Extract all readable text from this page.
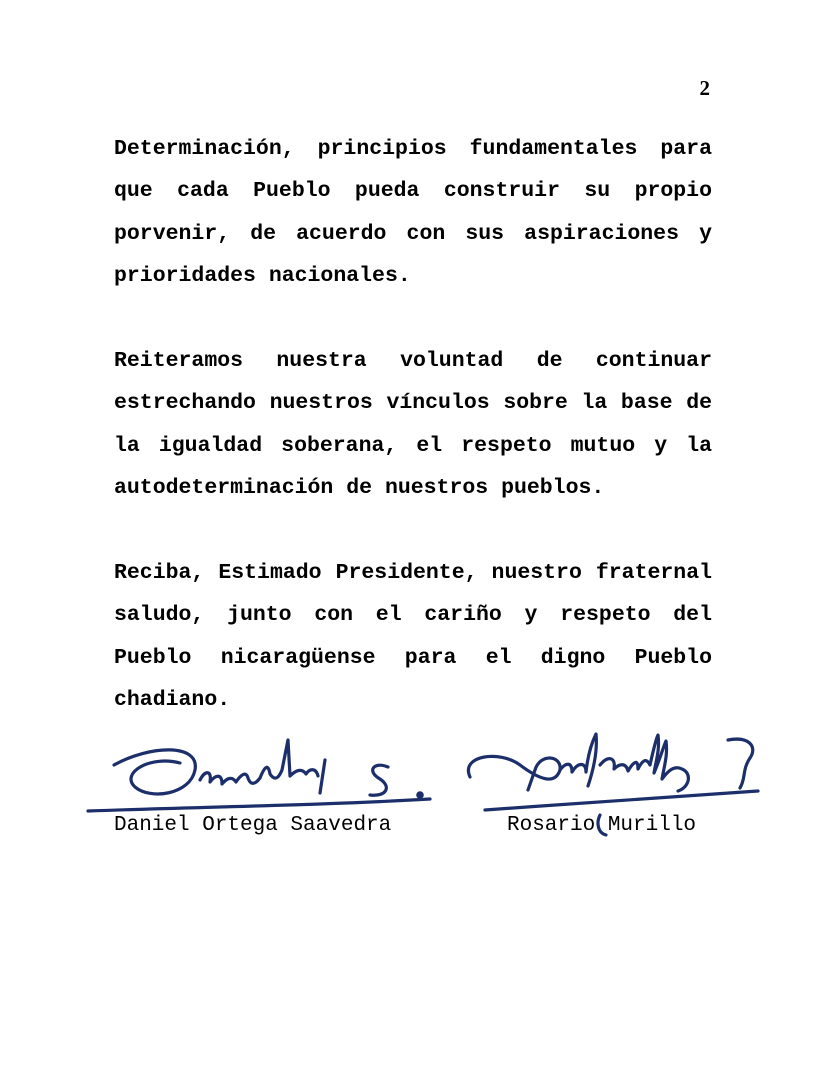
2

Determinación, principios fundamentales para que cada Pueblo pueda construir su propio porvenir, de acuerdo con sus aspiraciones y prioridades nacionales.

Reiteramos nuestra voluntad de continuar estrechando nuestros vínculos sobre la base de la igualdad soberana, el respeto mutuo y la autodeterminación de nuestros pueblos.

Reciba, Estimado Presidente, nuestro fraternal saludo, junto con el cariño y respeto del Pueblo nicaragüense para el digno Pueblo chadiano.

Daniel Ortega Saavedra	Rosario Murillo
